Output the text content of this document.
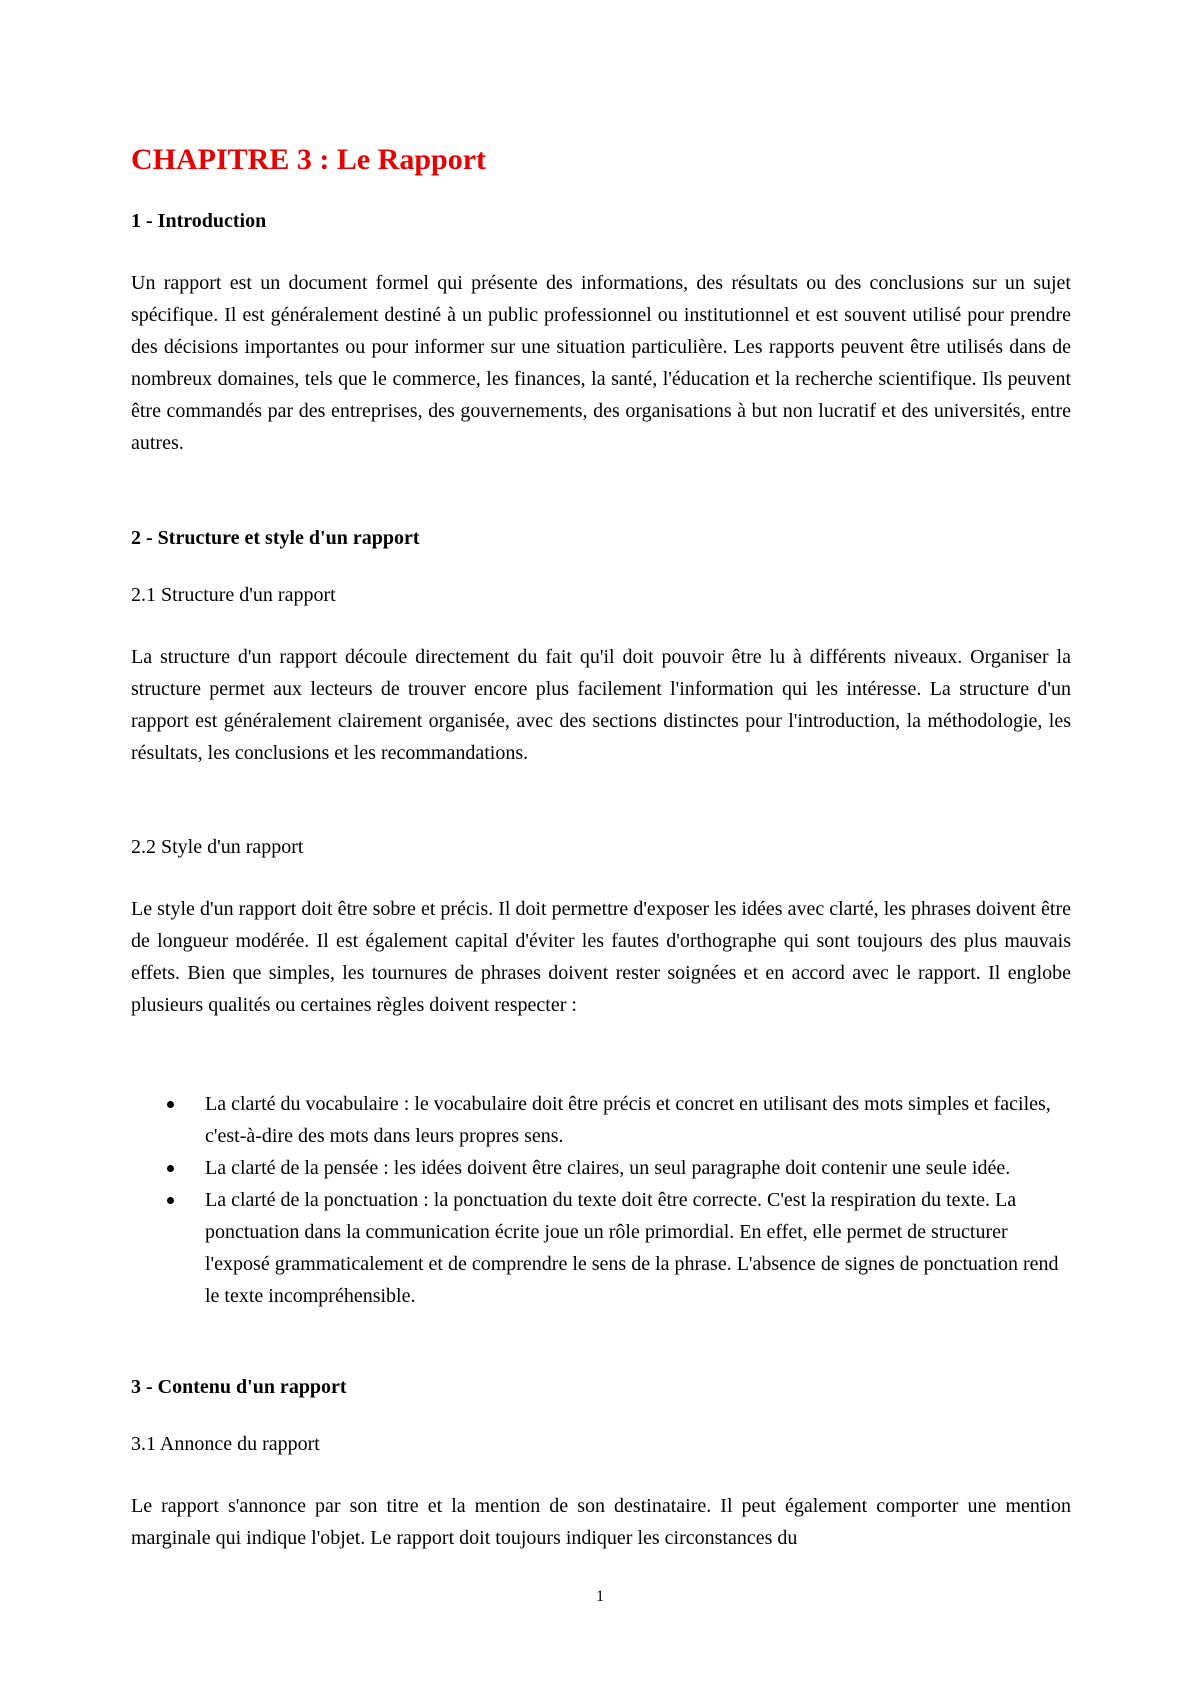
CHAPITRE 3 : Le Rapport
1 - Introduction

Un rapport est un document formel qui présente des informations, des résultats ou des conclusions sur un sujet spécifique. Il est généralement destiné à un public professionnel ou institutionnel et est souvent utilisé pour prendre des décisions importantes ou pour informer sur une situation particulière. Les rapports peuvent être utilisés dans de nombreux domaines, tels que le commerce, les finances, la santé, l'éducation et la recherche scientifique. Ils peuvent être commandés par des entreprises, des gouvernements, des organisations à but non lucratif et des universités, entre autres.

2 - Structure et style d'un rapport
2.1 Structure d'un rapport

La structure d'un rapport découle directement du fait qu'il doit pouvoir être lu à différents niveaux. Organiser la structure permet aux lecteurs de trouver encore plus facilement l'information qui les intéresse. La structure d'un rapport est généralement clairement organisée, avec des sections distinctes pour l'introduction, la méthodologie, les résultats, les conclusions et les recommandations.

2.2 Style d'un rapport

Le style d'un rapport doit être sobre et précis. Il doit permettre d'exposer les idées avec clarté, les phrases doivent être de longueur modérée. Il est également capital d'éviter les fautes d'orthographe qui sont toujours des plus mauvais effets. Bien que simples, les tournures de phrases doivent rester soignées et en accord avec le rapport. Il englobe plusieurs qualités ou certaines règles doivent respecter :

La clarté du vocabulaire : le vocabulaire doit être précis et concret en utilisant des mots simples et faciles, c'est-à-dire des mots dans leurs propres sens.
La clarté de la pensée : les idées doivent être claires, un seul paragraphe doit contenir une seule idée.
La clarté de la ponctuation : la ponctuation du texte doit être correcte. C'est la respiration du texte. La ponctuation dans la communication écrite joue un rôle primordial. En effet, elle permet de structurer l'exposé grammaticalement et de comprendre le sens de la phrase. L'absence de signes de ponctuation rend le texte incompréhensible.
3 - Contenu d'un rapport
3.1 Annonce du rapport

Le rapport s'annonce par son titre et la mention de son destinataire. Il peut également comporter une mention marginale qui indique l'objet. Le rapport doit toujours indiquer les circonstances du

1
